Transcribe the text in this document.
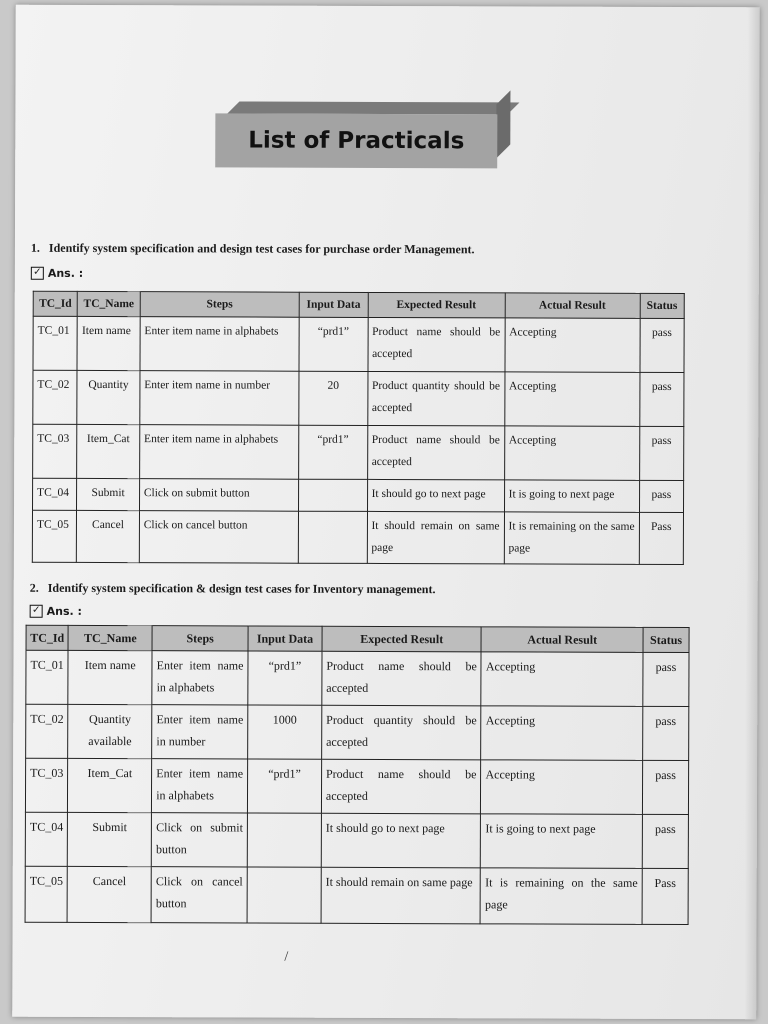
List of Practicals
1. Identify system specification and design test cases for purchase order Management.
✓ Ans. :
TC_Id	TC_Name	Steps	Input Data	Expected Result	Actual Result	Status
TC_01	Item name	Enter item name in alphabets	“prd1”	Product name should be accepted	Accepting	pass
TC_02	Quantity	Enter item name in number	20	Product quantity should be accepted	Accepting	pass
TC_03	Item_Cat	Enter item name in alphabets	“prd1”	Product name should be accepted	Accepting	pass
TC_04	Submit	Click on submit button		It should go to next page	It is going to next page	pass
TC_05	Cancel	Click on cancel button		It should remain on same page	It is remaining on the same page	Pass
2. Identify system specification & design test cases for Inventory management.
✓ Ans. :
TC_Id	TC_Name	Steps	Input Data	Expected Result	Actual Result	Status
TC_01	Item name	Enter item name in alphabets	“prd1”	Product name should be accepted	Accepting	pass
TC_02	Quantity available	Enter item name in number	1000	Product quantity should be accepted	Accepting	pass
TC_03	Item_Cat	Enter item name in alphabets	“prd1”	Product name should be accepted	Accepting	pass
TC_04	Submit	Click on submit button		It should go to next page	It is going to next page	pass
TC_05	Cancel	Click on cancel button		It should remain on same page	It is remaining on the same page	Pass
/
